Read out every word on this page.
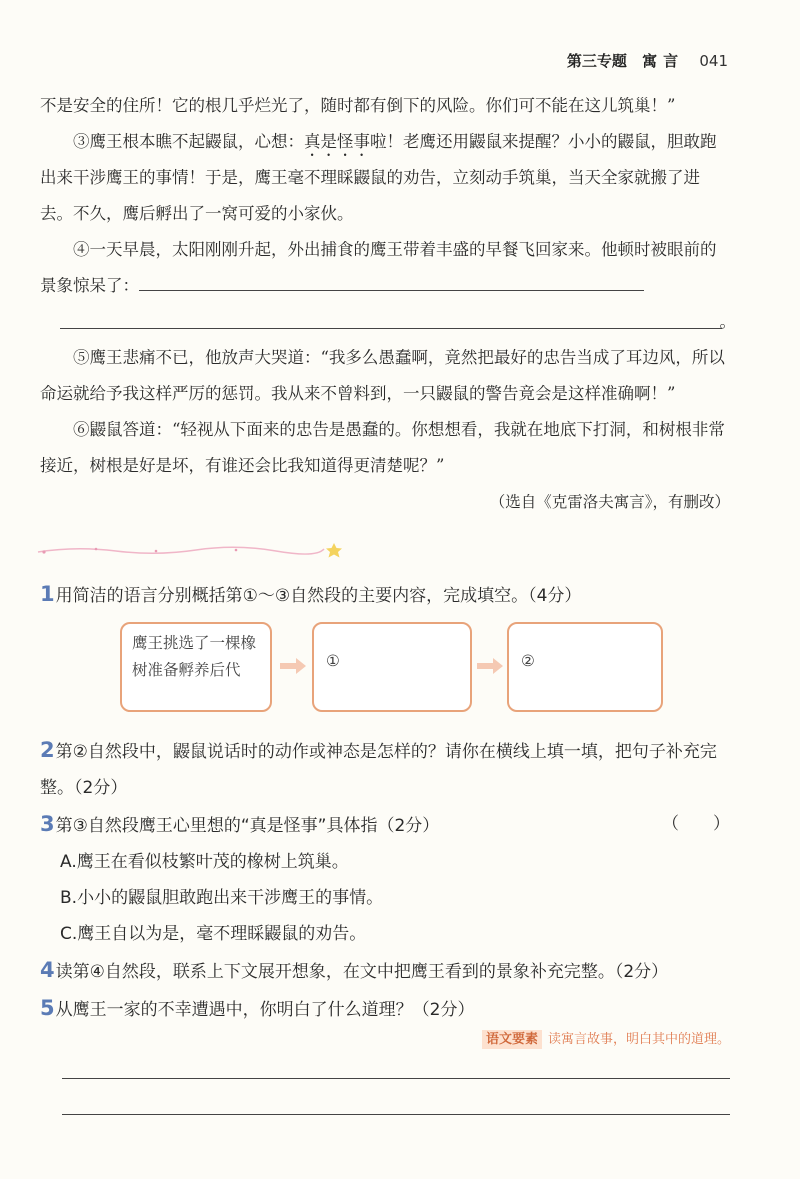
第三专题 寓言 041

不是安全的住所！它的根几乎烂光了，随时都有倒下的风险。你们可不能在这儿筑巢！”

③鹰王根本瞧不起鼹鼠，心想：真是怪事啦！老鹰还用鼹鼠来提醒？小小的鼹鼠，胆敢跑出来干涉鹰王的事情！于是，鹰王毫不理睬鼹鼠的劝告，立刻动手筑巢，当天全家就搬了进去。不久，鹰后孵出了一窝可爱的小家伙。

④一天早晨，太阳刚刚升起，外出捕食的鹰王带着丰盛的早餐飞回家来。他顿时被眼前的景象惊呆了：

。

⑤鹰王悲痛不已，他放声大哭道：“我多么愚蠢啊，竟然把最好的忠告当成了耳边风，所以命运就给予我这样严厉的惩罚。我从来不曾料到，一只鼹鼠的警告竟会是这样准确啊！”

⑥鼹鼠答道：“轻视从下面来的忠告是愚蠢的。你想想看，我就在地底下打洞，和树根非常接近，树根是好是坏，有谁还会比我知道得更清楚呢？”

（选自《克雷洛夫寓言》，有删改）

1用简洁的语言分别概括第①～③自然段的主要内容，完成填空。（4分）

鹰王挑选了一棵橡树准备孵养后代	①	②

2第②自然段中，鼹鼠说话时的动作或神态是怎样的？请你在横线上填一填，把句子补充完整。（2分）

3第③自然段鹰王心里想的“真是怪事”具体指（2分）	（　　）

A.鹰王在看似枝繁叶茂的橡树上筑巢。

B.小小的鼹鼠胆敢跑出来干涉鹰王的事情。

C.鹰王自以为是，毫不理睬鼹鼠的劝告。

4读第④自然段，联系上下文展开想象，在文中把鹰王看到的景象补充完整。（2分）

5从鹰王一家的不幸遭遇中，你明白了什么道理？（2分）

语文要素 读寓言故事，明白其中的道理。
